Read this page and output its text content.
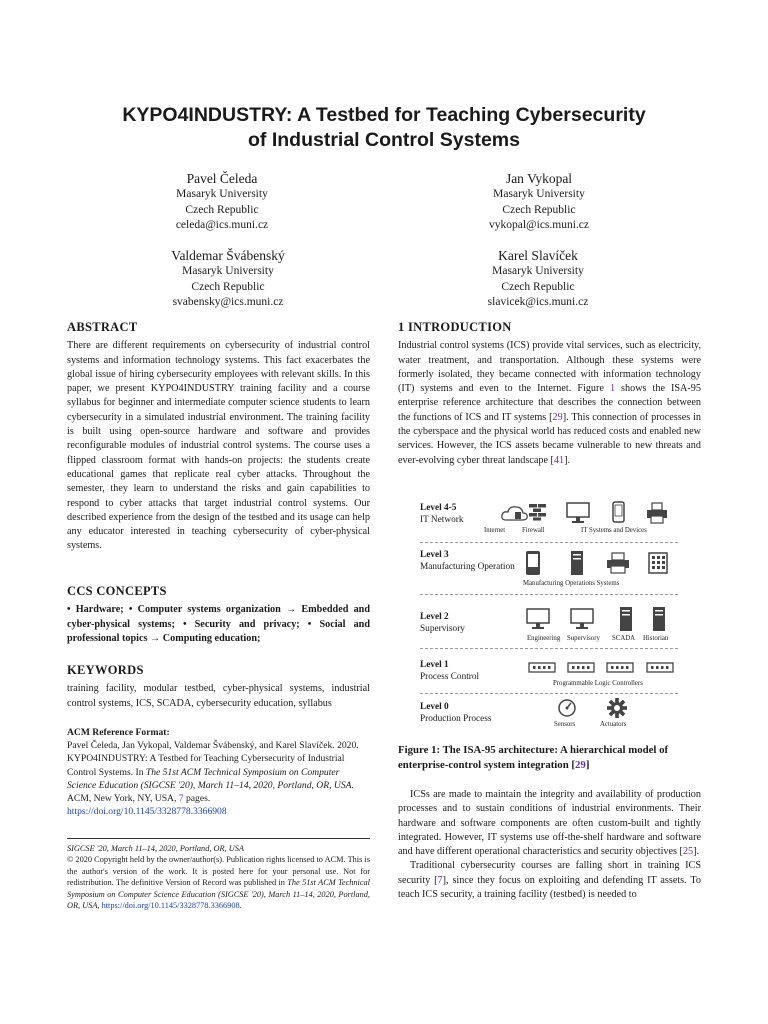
KYPO4INDUSTRY: A Testbed for Teaching Cybersecurity
of Industrial Control Systems
Pavel Čeleda
Masaryk University
Czech Republic
celeda@ics.muni.cz
Jan Vykopal
Masaryk University
Czech Republic
vykopal@ics.muni.cz
Valdemar Švábenský
Masaryk University
Czech Republic
svabensky@ics.muni.cz
Karel Slavíček
Masaryk University
Czech Republic
slavicek@ics.muni.cz
ABSTRACT

There are different requirements on cybersecurity of industrial control systems and information technology systems. This fact exacerbates the global issue of hiring cybersecurity employees with relevant skills. In this paper, we present KYPO4INDUSTRY training facility and a course syllabus for beginner and intermediate computer science students to learn cybersecurity in a simulated industrial environment. The training facility is built using open-source hardware and software and provides reconfigurable modules of industrial control systems. The course uses a flipped classroom format with hands-on projects: the students create educational games that replicate real cyber attacks. Throughout the semester, they learn to understand the risks and gain capabilities to respond to cyber attacks that target industrial control systems. Our described experience from the design of the testbed and its usage can help any educator interested in teaching cybersecurity of cyber-physical systems.

CCS CONCEPTS

• Hardware; • Computer systems organization → Embedded and cyber-physical systems; • Security and privacy; • Social and professional topics → Computing education;

KEYWORDS

training facility, modular testbed, cyber-physical systems, industrial control systems, ICS, SCADA, cybersecurity education, syllabus

ACM Reference Format:

Pavel Čeleda, Jan Vykopal, Valdemar Švábenský, and Karel Slavíček. 2020. KYPO4INDUSTRY: A Testbed for Teaching Cybersecurity of Industrial Control Systems. In The 51st ACM Technical Symposium on Computer Science Education (SIGCSE '20), March 11–14, 2020, Portland, OR, USA. ACM, New York, NY, USA, 7 pages. https://doi.org/10.1145/3328778.3366908

SIGCSE '20, March 11–14, 2020, Portland, OR, USA

© 2020 Copyright held by the owner/author(s). Publication rights licensed to ACM. This is the author's version of the work. It is posted here for your personal use. Not for redistribution. The definitive Version of Record was published in The 51st ACM Technical Symposium on Computer Science Education (SIGCSE '20), March 11–14, 2020, Portland, OR, USA, https://doi.org/10.1145/3328778.3366908.

1 INTRODUCTION

Industrial control systems (ICS) provide vital services, such as electricity, water treatment, and transportation. Although these systems were formerly isolated, they became connected with information technology (IT) systems and even to the Internet. Figure 1 shows the ISA-95 enterprise reference architecture that describes the connection between the functions of ICS and IT systems [29]. This connection of processes in the cyberspace and the physical world has reduced costs and enabled new services. However, the ICS assets became vulnerable to new threats and ever-evolving cyber threat landscape [41].

Level 4-5
IT Network
Internet Firewall	IT Systems and Devices
Level 3
Manufacturing Operation
Manufacturing Operations Systems
Level 2
Supervisory
Engineering Supervisory SCADA Historian
Level 1
Process Control
Programmable Logic Controllers
Level 0
Production Process
Sensors	Actuators

Figure 1: The ISA-95 architecture: A hierarchical model of enterprise-control system integration [29]

ICSs are made to maintain the integrity and availability of production processes and to sustain conditions of industrial environments. Their hardware and software components are often custom-built and tightly integrated. However, IT systems use off-the-shelf hardware and software and have different operational characteristics and security objectives [25].

Traditional cybersecurity courses are falling short in training ICS security [7], since they focus on exploiting and defending IT assets. To teach ICS security, a training facility (testbed) is needed to
